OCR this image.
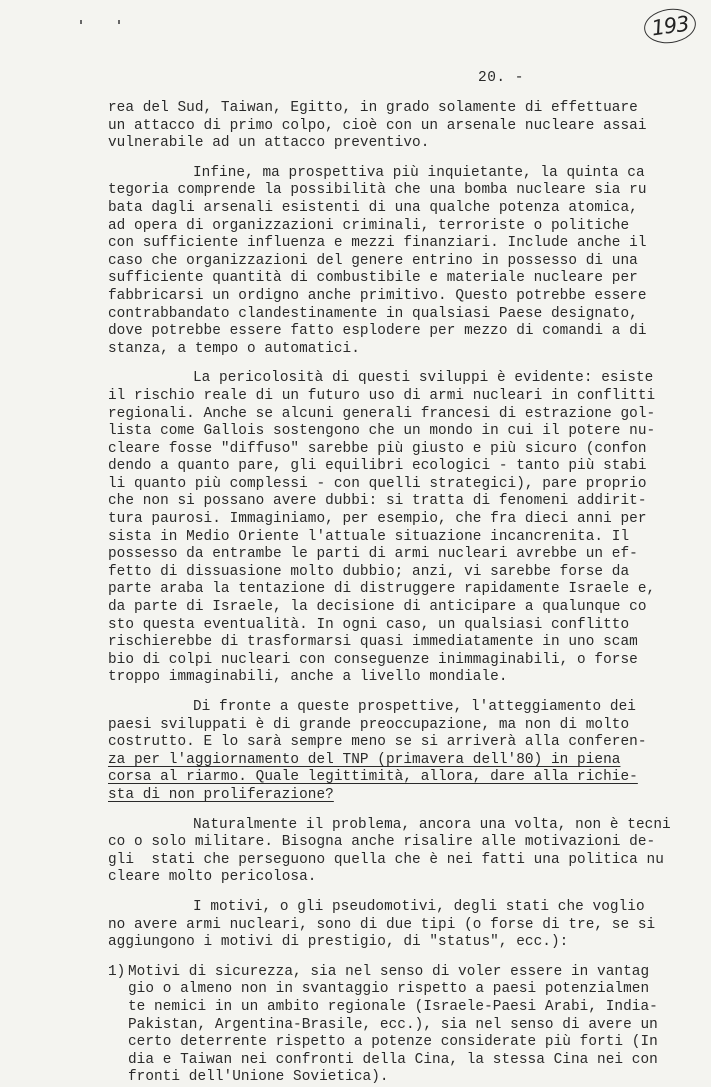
193
20. -
rea del Sud, Taiwan, Egitto, in grado solamente di effettuare
un attacco di primo colpo, cioè con un arsenale nucleare assai
vulnerabile ad un attacco preventivo.
Infine, ma prospettiva più inquietante, la quinta ca
tegoria comprende la possibilità che una bomba nucleare sia ru
bata dagli arsenali esistenti di una qualche potenza atomica,
ad opera di organizzazioni criminali, terroriste o politiche
con sufficiente influenza e mezzi finanziari. Include anche il
caso che organizzazioni del genere entrino in possesso di una
sufficiente quantità di combustibile e materiale nucleare per
fabbricarsi un ordigno anche primitivo. Questo potrebbe essere
contrabbandato clandestinamente in qualsiasi Paese designato,
dove potrebbe essere fatto esplodere per mezzo di comandi a di
stanza, a tempo o automatici.
La pericolosità di questi sviluppi è evidente: esiste
il rischio reale di un futuro uso di armi nucleari in conflitti
regionali. Anche se alcuni generali francesi di estrazione gol-
lista come Gallois sostengono che un mondo in cui il potere nu-
cleare fosse "diffuso" sarebbe più giusto e più sicuro (confon
dendo a quanto pare, gli equilibri ecologici - tanto più stabi
li quanto più complessi - con quelli strategici), pare proprio
che non si possano avere dubbi: si tratta di fenomeni addirit-
tura paurosi. Immaginiamo, per esempio, che fra dieci anni per
sista in Medio Oriente l'attuale situazione incancrenita. Il
possesso da entrambe le parti di armi nucleari avrebbe un ef-
fetto di dissuasione molto dubbio; anzi, vi sarebbe forse da
parte araba la tentazione di distruggere rapidamente Israele e,
da parte di Israele, la decisione di anticipare a qualunque co
sto questa eventualità. In ogni caso, un qualsiasi conflitto
rischierebbe di trasformarsi quasi immediatamente in uno scam
bio di colpi nucleari con conseguenze inimmaginabili, o forse
troppo immaginabili, anche a livello mondiale.
Di fronte a queste prospettive, l'atteggiamento dei
paesi sviluppati è di grande preoccupazione, ma non di molto
costrutto. E lo sarà sempre meno se si arriverà alla conferen-
za per l'aggiornamento del TNP (primavera dell'80) in piena
corsa al riarmo. Quale legittimità, allora, dare alla richie-
sta di non proliferazione?
Naturalmente il problema, ancora una volta, non è tecni
co o solo militare. Bisogna anche risalire alle motivazioni de-
gli  stati che perseguono quella che è nei fatti una politica nu
cleare molto pericolosa.
I motivi, o gli pseudomotivi, degli stati che voglio
no avere armi nucleari, sono di due tipi (o forse di tre, se si
aggiungono i motivi di prestigio, di "status", ecc.):
1) Motivi di sicurezza, sia nel senso di voler essere in vantag
gio o almeno non in svantaggio rispetto a paesi potenzialmen
te nemici in un ambito regionale (Israele-Paesi Arabi, India-
Pakistan, Argentina-Brasile, ecc.), sia nel senso di avere un
certo deterrente rispetto a potenze considerate più forti (In
dia e Taiwan nei confronti della Cina, la stessa Cina nei con
fronti dell'Unione Sovietica).
